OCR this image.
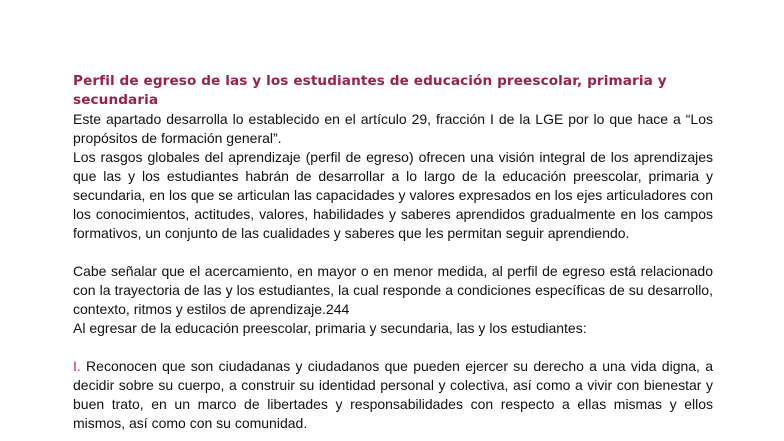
Perfil de egreso de las y los estudiantes de educación preescolar, primaria y secundaria

Este apartado desarrolla lo establecido en el artículo 29, fracción I de la LGE por lo que hace a “Los propósitos de formación general”.

Los rasgos globales del aprendizaje (perfil de egreso) ofrecen una visión integral de los aprendizajes que las y los estudiantes habrán de desarrollar a lo largo de la educación preescolar, primaria y secundaria, en los que se articulan las capacidades y valores expresados en los ejes articuladores con los conocimientos, actitudes, valores, habilidades y saberes aprendidos gradualmente en los campos formativos, un conjunto de las cualidades y saberes que les permitan seguir aprendiendo.

Cabe señalar que el acercamiento, en mayor o en menor medida, al perfil de egreso está relacionado con la trayectoria de las y los estudiantes, la cual responde a condiciones específicas de su desarrollo, contexto, ritmos y estilos de aprendizaje.244

Al egresar de la educación preescolar, primaria y secundaria, las y los estudiantes:

I. Reconocen que son ciudadanas y ciudadanos que pueden ejercer su derecho a una vida digna, a decidir sobre su cuerpo, a construir su identidad personal y colectiva, así como a vivir con bienestar y buen trato, en un marco de libertades y responsabilidades con respecto a ellas mismas y ellos mismos, así como con su comunidad.
